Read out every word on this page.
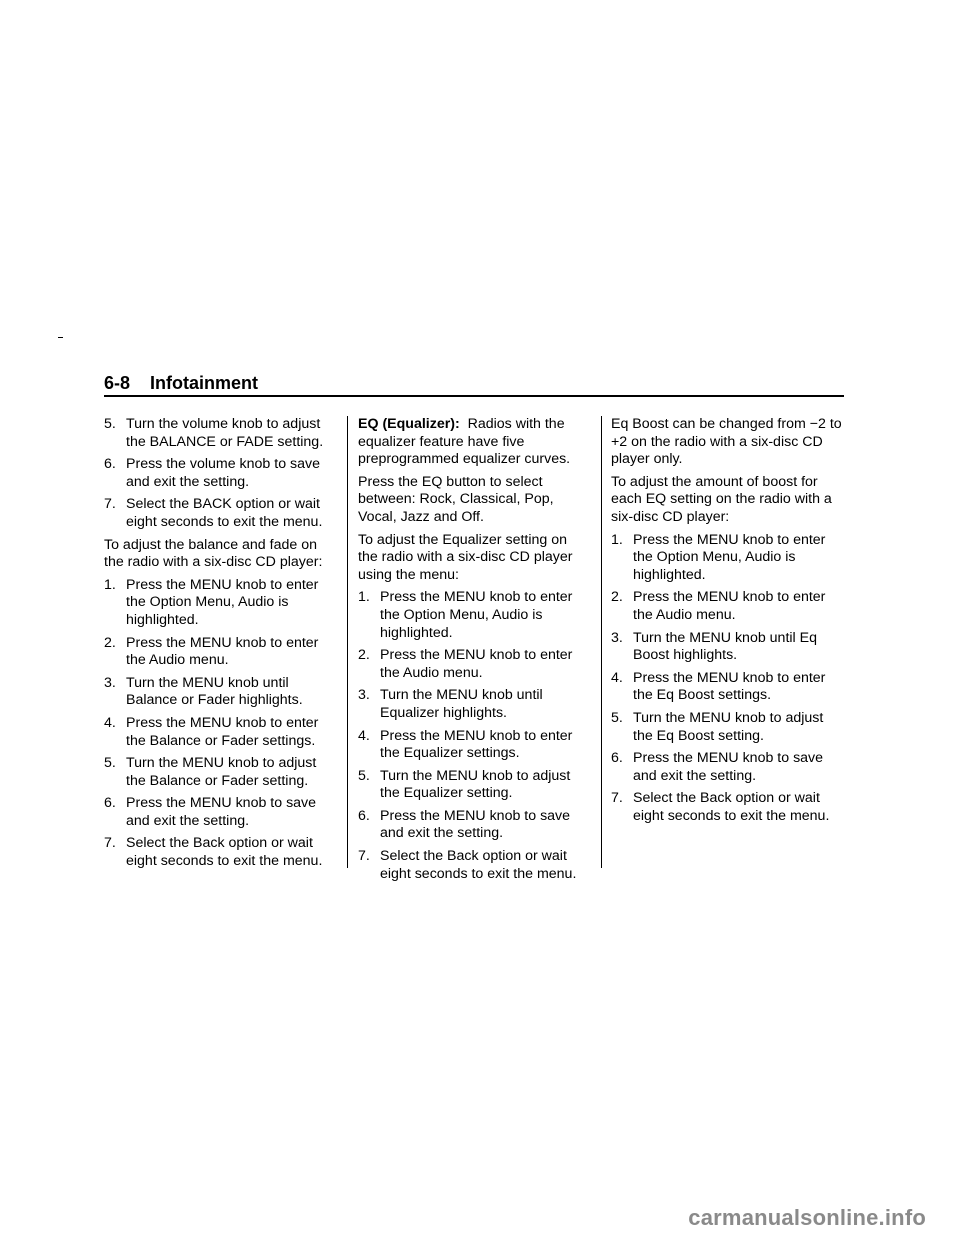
6-8 Infotainment
5. Turn the volume knob to adjust the BALANCE or FADE setting.
6. Press the volume knob to save and exit the setting.
7. Select the BACK option or wait eight seconds to exit the menu.

To adjust the balance and fade on the radio with a six-disc CD player:

1. Press the MENU knob to enter the Option Menu, Audio is highlighted.
2. Press the MENU knob to enter the Audio menu.
3. Turn the MENU knob until Balance or Fader highlights.
4. Press the MENU knob to enter the Balance or Fader settings.
5. Turn the MENU knob to adjust the Balance or Fader setting.
6. Press the MENU knob to save and exit the setting.
7. Select the Back option or wait eight seconds to exit the menu.

EQ (Equalizer): Radios with the equalizer feature have five preprogrammed equalizer curves.

Press the EQ button to select between: Rock, Classical, Pop, Vocal, Jazz and Off.

To adjust the Equalizer setting on the radio with a six-disc CD player using the menu:

1. Press the MENU knob to enter the Option Menu, Audio is highlighted.
2. Press the MENU knob to enter the Audio menu.
3. Turn the MENU knob until Equalizer highlights.
4. Press the MENU knob to enter the Equalizer settings.
5. Turn the MENU knob to adjust the Equalizer setting.
6. Press the MENU knob to save and exit the setting.
7. Select the Back option or wait eight seconds to exit the menu.

Eq Boost can be changed from −2 to +2 on the radio with a six-disc CD player only.

To adjust the amount of boost for each EQ setting on the radio with a six-disc CD player:

1. Press the MENU knob to enter the Option Menu, Audio is highlighted.
2. Press the MENU knob to enter the Audio menu.
3. Turn the MENU knob until Eq Boost highlights.
4. Press the MENU knob to enter the Eq Boost settings.
5. Turn the MENU knob to adjust the Eq Boost setting.
6. Press the MENU knob to save and exit the setting.
7. Select the Back option or wait eight seconds to exit the menu.
carmanualsonline.info
